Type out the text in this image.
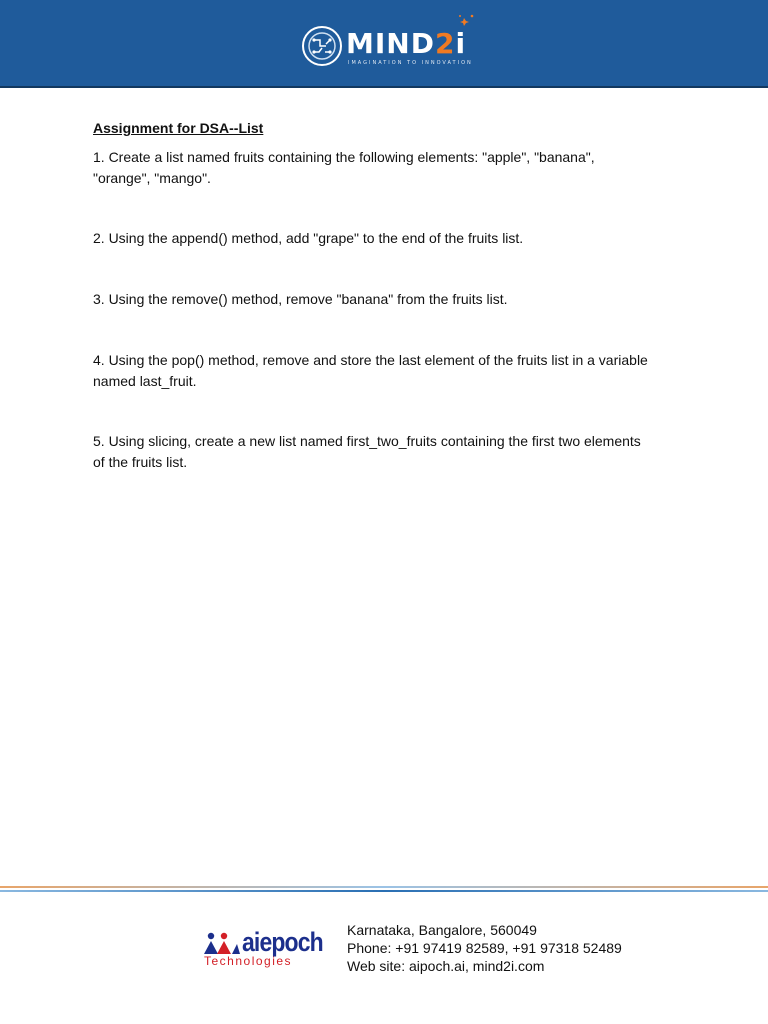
MIND2i
IMAGINATION TO INNOVATION
Assignment for DSA--List

1. Create a list named fruits containing the following elements: "apple", "banana", "orange", "mango".

2. Using the append() method, add "grape" to the end of the fruits list.

3. Using the remove() method, remove "banana" from the fruits list.

4. Using the pop() method, remove and store the last element of the fruits list in a variable named last_fruit.

5. Using slicing, create a new list named first_two_fruits containing the first two elements of the fruits list.

aiepoch
Technologies
Karnataka, Bangalore, 560049
Phone: +91 97419 82589, +91 97318 52489
Web site: aipoch.ai, mind2i.com
